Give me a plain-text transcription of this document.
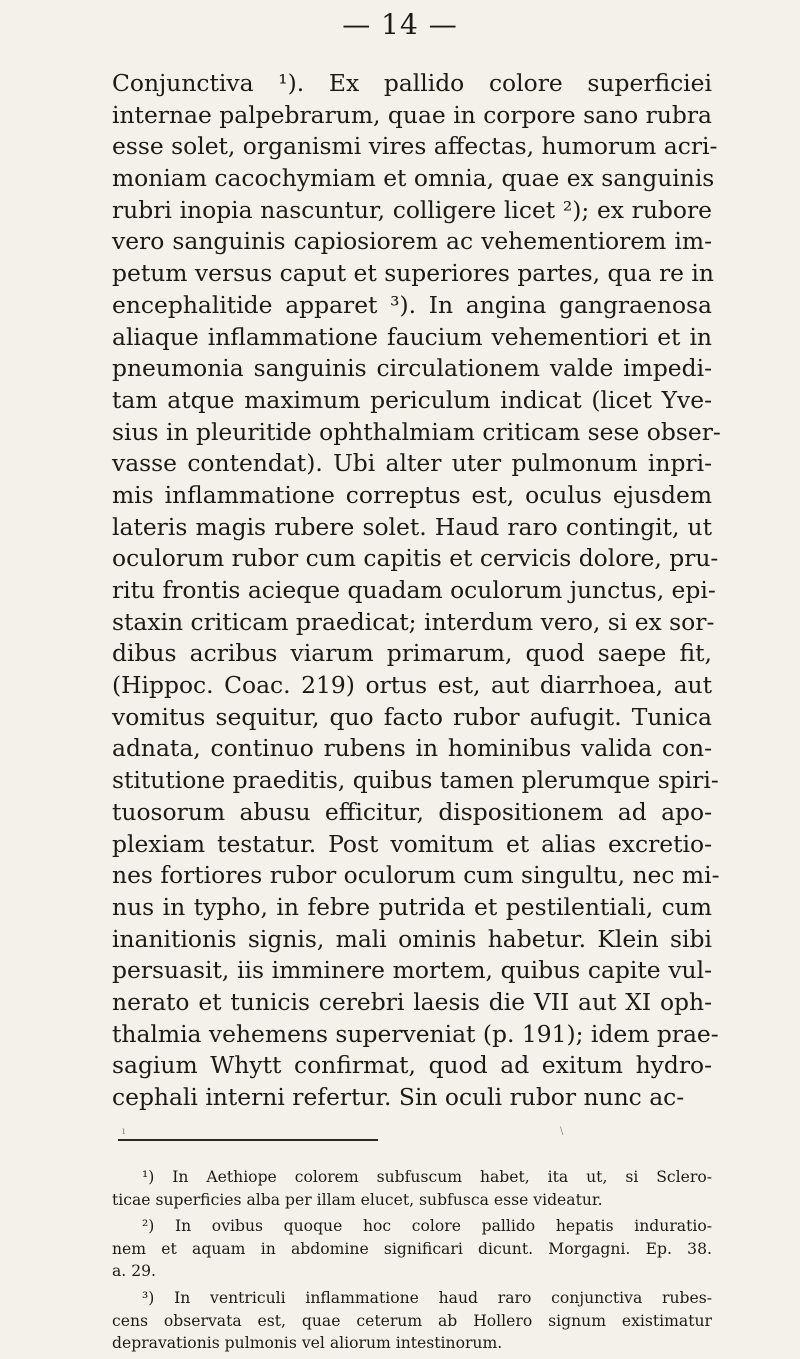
— 14 —
Conjunctiva ¹). Ex pallido colore superficiei
internae palpebrarum, quae in corpore sano rubra
esse solet, organismi vires affectas, humorum acri-
moniam cacochymiam et omnia, quae ex sanguinis
rubri inopia nascuntur, colligere licet ²); ex rubore
vero sanguinis capiosiorem ac vehementiorem im-
petum versus caput et superiores partes, qua re in
encephalitide apparet ³). In angina gangraenosa
aliaque inflammatione faucium vehementiori et in
pneumonia sanguinis circulationem valde impedi-
tam atque maximum periculum indicat (licet Yve-
sius in pleuritide ophthalmiam criticam sese obser-
vasse contendat). Ubi alter uter pulmonum inpri-
mis inflammatione correptus est, oculus ejusdem
lateris magis rubere solet. Haud raro contingit, ut
oculorum rubor cum capitis et cervicis dolore, pru-
ritu frontis acieque quadam oculorum junctus, epi-
staxin criticam praedicat; interdum vero, si ex sor-
dibus acribus viarum primarum, quod saepe fit,
(Hippoc. Coac. 219) ortus est, aut diarrhoea, aut
vomitus sequitur, quo facto rubor aufugit. Tunica
adnata, continuo rubens in hominibus valida con-
stitutione praeditis, quibus tamen plerumque spiri-
tuosorum abusu efficitur, dispositionem ad apo-
plexiam testatur. Post vomitum et alias excretio-
nes fortiores rubor oculorum cum singultu, nec mi-
nus in typho, in febre putrida et pestilentiali, cum
inanitionis signis, mali ominis habetur. Klein sibi
persuasit, iis imminere mortem, quibus capite vul-
nerato et tunicis cerebri laesis die VII aut XI oph-
thalmia vehemens superveniat (p. 191); idem prae-
sagium Whytt confirmat, quod ad exitum hydro-
cephali interni refertur. Sin oculi rubor nunc ac-
ı	\
¹) In Aethiope colorem subfuscum habet, ita ut, si Sclero-
ticae superficies alba per illam elucet, subfusca esse videatur.
²) In ovibus quoque hoc colore pallido hepatis induratio-
nem et aquam in abdomine significari dicunt. Morgagni. Ep. 38.
a. 29.
³) In ventriculi inflammatione haud raro conjunctiva rubes-
cens observata est, quae ceterum ab Hollero signum existimatur
depravationis pulmonis vel aliorum intestinorum.
